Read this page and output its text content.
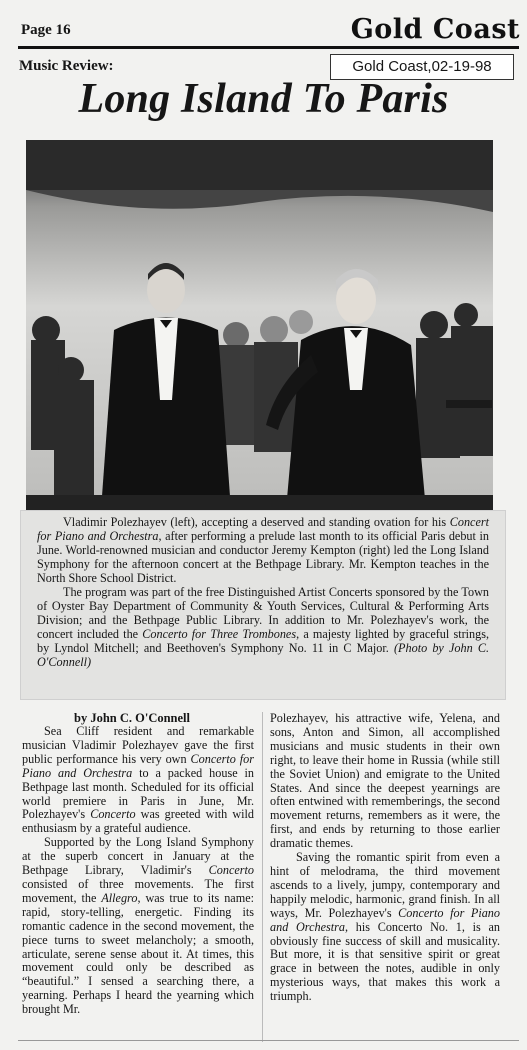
Page 16	Gold Coast
Music Review:	Gold Coast,02-19-98
Long Island To Paris

Vladimir Polezhayev (left), accepting a deserved and standing ovation for his Concert for Piano and Orchestra, after performing a prelude last month to its official Paris debut in June. World-renowned musician and conductor Jeremy Kempton (right) led the Long Island Symphony for the afternoon concert at the Bethpage Library. Mr. Kempton teaches in the North Shore School District.

The program was part of the free Distinguished Artist Concerts sponsored by the Town of Oyster Bay Department of Community & Youth Services, Cultural & Performing Arts Division; and the Bethpage Public Library. In addition to Mr. Polezhayev's work, the concert included the Concerto for Three Trombones, a majesty lighted by graceful strings, by Lyndol Mitchell; and Beethoven's Symphony No. 11 in C Major. (Photo by John C. O'Connell)

by John C. O'Connell

Sea Cliff resident and remarkable musician Vladimir Polezhayev gave the first public performance his very own Concerto for Piano and Orchestra to a packed house in Bethpage last month. Scheduled for its official world premiere in Paris in June, Mr. Polezhayev's Concerto was greeted with wild enthusiasm by a grateful audience.

Supported by the Long Island Symphony at the superb concert in January at the Bethpage Library, Vladimir's Concerto consisted of three movements. The first movement, the Allegro, was true to its name: rapid, story-telling, energetic. Finding its romantic cadence in the second movement, the piece turns to sweet melancholy; a smooth, articulate, serene sense about it. At times, this movement could only be described as “beautiful.” I sensed a searching there, a yearning. Perhaps I heard the yearning which brought Mr.

Polezhayev, his attractive wife, Yelena, and sons, Anton and Simon, all accomplished musicians and music students in their own right, to leave their home in Russia (while still the Soviet Union) and emigrate to the United States. And since the deepest yearnings are often entwined with rememberings, the second movement returns, remembers as it were, the first, and ends by returning to those earlier dramatic themes.

Saving the romantic spirit from even a hint of melodrama, the third movement ascends to a lively, jumpy, contemporary and happily melodic, harmonic, grand finish. In all ways, Mr. Polezhayev's Concerto for Piano and Orchestra, his Concerto No. 1, is an obviously fine success of skill and musicality. But more, it is that sensitive spirit or great grace in between the notes, audible in only mysterious ways, that makes this work a triumph.
